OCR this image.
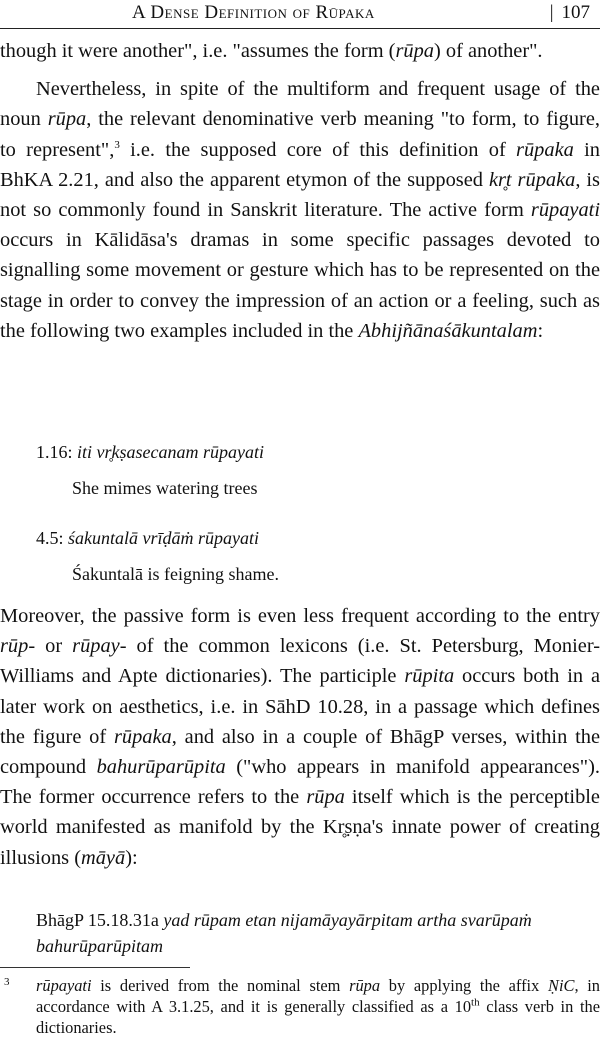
A Dense Definition of Rūpaka	| 107

though it were another", i.e. "assumes the form (rūpa) of another".

Nevertheless, in spite of the multiform and frequent usage of the noun rūpa, the relevant denominative verb meaning "to form, to figure, to represent",$^3$ i.e. the supposed core of this definition of rūpaka in BhKA 2.21, and also the apparent etymon of the supposed kr̥t rūpaka, is not so commonly found in Sanskrit literature. The active form rūpayati occurs in Kālidāsa's dramas in some specific passages devoted to signalling some movement or gesture which has to be represented on the stage in order to convey the impression of an action or a feeling, such as the following two examples included in the Abhijñānaśākuntalam:

1.16: iti vr̥kṣasecanam rūpayati
She mimes watering trees
4.5: śakuntalā vrīḍāṁ rūpayati
Śakuntalā is feigning shame.
Moreover, the passive form is even less frequent according to the entry rūp- or rūpay- of the common lexicons (i.e. St. Petersburg, Monier-Williams and Apte dictionaries). The participle rūpita occurs both in a later work on aesthetics, i.e. in SāhD 10.28, in a passage which defines the figure of rūpaka, and also in a couple of BhāgP verses, within the compound bahurūparūpita ("who appears in manifold appearances"). The former occurrence refers to the rūpa itself which is the perceptible world manifested as manifold by the Kr̥ṣṇa's innate power of creating illusions (māyā):
BhāgP 15.18.31a yad rūpam etan nijamāyayārpitam artha svarūpaṁ bahurūparūpitam
3 rūpayati is derived from the nominal stem rūpa by applying the affix ṆiC, in accordance with A 3.1.25, and it is generally classified as a 10th class verb in the dictionaries.
